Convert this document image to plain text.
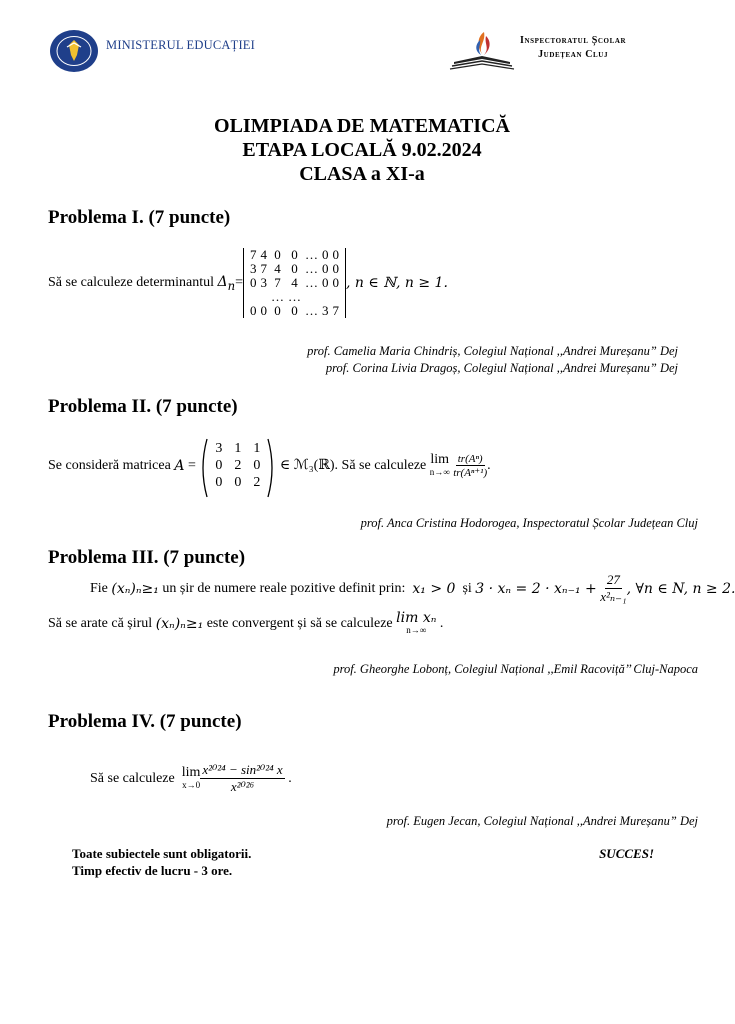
MINISTERUL EDUCAȚIEI	Inspectoratul Școlar
Județean Cluj
OLIMPIADA DE MATEMATICĂ
ETAPA LOCALĂ 9.02.2024
CLASA a XI-a
Problema I. (7 puncte)
Să se calculeze determinantul
$\Delta_n$ =
7	4	0	0	…	0	0
3	7	4	0	…	0	0
0	3	7	4	…	0	0
		…	…			
0	0	0	0	…	3	7
, n ∈ ℕ, n ≥ 1.
prof. Camelia Maria Chindriș, Colegiul Național ,,Andrei Mureșanu” Dej
prof. Corina Livia Dragoș, Colegiul Național ,,Andrei Mureșanu” Dej
Problema II. (7 puncte)
Se consideră matricea
A =
3	1	1
0	2	0
0	0	2

∈ ℳ₃(ℝ). Să se calculeze
lim
n→∞
$\frac{\text{tr(Aⁿ)}}{\text{tr(Aⁿ⁺¹)}}$ .
prof. Anca Cristina Hodorogea, Inspectoratul Școlar Județean Cluj
Problema III. (7 puncte)
Fie
(xₙ)ₙ≥₁
un șir de numere reale pozitive definit prin:
x₁ > 0
și
3 · xₙ = 2 · xₙ₋₁ +
$\frac{27}{\text{x²ₙ₋₁}}$ , ∀n ∈ N, n ≥ 2.
Să se arate că șirul
(xₙ)ₙ≥₁
este convergent și să se calculeze
lim xₙ
n→∞ .
prof. Gheorghe Lobonț, Colegiul Național ,,Emil Racoviță’’ Cluj-Napoca
Problema IV. (7 puncte)
Să se calculeze
lim
$x\to 0 \frac{\text{x²⁰²⁴ − sin²⁰²⁴ x}}{\text{x²⁰²⁶}}$ .
prof. Eugen Jecan, Colegiul Național ,,Andrei Mureșanu” Dej
Toate subiectele sunt obligatorii.
Timp efectiv de lucru - 3 ore.
SUCCES!
